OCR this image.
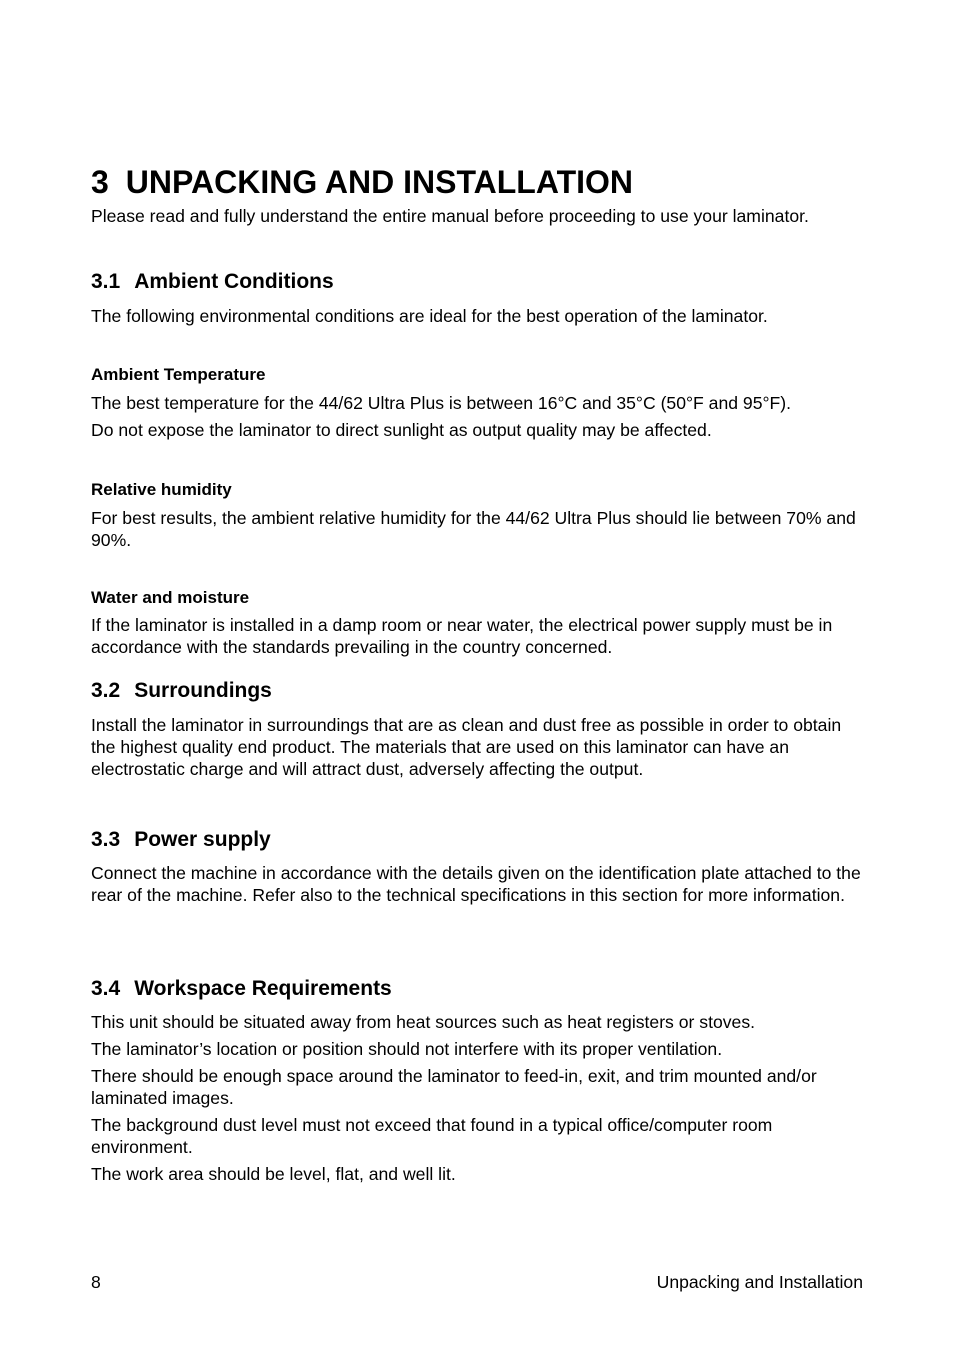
3 UNPACKING AND INSTALLATION

Please read and fully understand the entire manual before proceeding to use your laminator.

3.1 Ambient Conditions

The following environmental conditions are ideal for the best operation of the laminator.

Ambient Temperature

The best temperature for the 44/62 Ultra Plus is between 16°C and 35°C (50°F and 95°F).

Do not expose the laminator to direct sunlight as output quality may be affected.

Relative humidity

For best results, the ambient relative humidity for the 44/62 Ultra Plus should lie between 70% and 90%.

Water and moisture

If the laminator is installed in a damp room or near water, the electrical power supply must be in accordance with the standards prevailing in the country concerned.

3.2 Surroundings

Install the laminator in surroundings that are as clean and dust free as possible in order to obtain the highest quality end product. The materials that are used on this laminator can have an electrostatic charge and will attract dust, adversely affecting the output.

3.3 Power supply

Connect the machine in accordance with the details given on the identification plate attached to the rear of the machine. Refer also to the technical specifications in this section for more information.

3.4 Workspace Requirements

This unit should be situated away from heat sources such as heat registers or stoves.

The laminator’s location or position should not interfere with its proper ventilation.

There should be enough space around the laminator to feed-in, exit, and trim mounted and/or laminated images.

The background dust level must not exceed that found in a typical office/computer room environment.

The work area should be level, flat, and well lit.

8	Unpacking and Installation
